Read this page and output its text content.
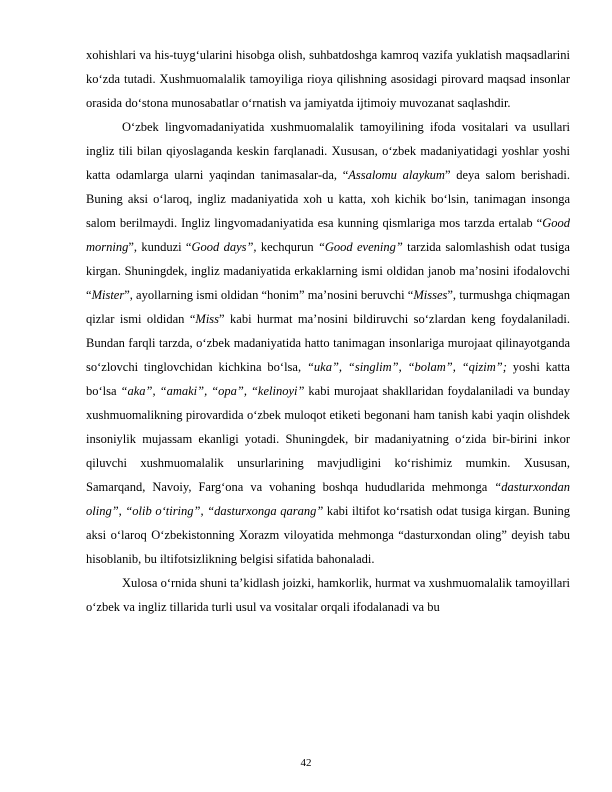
xohishlari va his-tuyg‘ularini hisobga olish, suhbatdoshga kamroq vazifa yuklatish maqsadlarini ko‘zda tutadi. Xushmuomalalik tamoyiliga rioya qilishning asosidagi pirovard maqsad insonlar orasida do‘stona munosabatlar o‘rnatish va jamiyatda ijtimoiy muvozanat saqlashdir.

O‘zbek lingvomadaniyatida xushmuomalalik tamoyilining ifoda vositalari va usullari ingliz tili bilan qiyoslaganda keskin farqlanadi. Xususan, o‘zbek madaniyatidagi yoshlar yoshi katta odamlarga ularni yaqindan tanimasalar-da, “Assalomu alaykum” deya salom berishadi. Buning aksi o‘laroq, ingliz madaniyatida xoh u katta, xoh kichik bo‘lsin, tanimagan insonga salom berilmaydi. Ingliz lingvomadaniyatida esa kunning qismlariga mos tarzda ertalab “Good morning”, kunduzi “Good days”, kechqurun “Good evening” tarzida salomlashish odat tusiga kirgan. Shuningdek, ingliz madaniyatida erkaklarning ismi oldidan janob ma’nosini ifodalovchi “Mister”, ayollarning ismi oldidan “honim” ma’nosini beruvchi “Misses”, turmushga chiqmagan qizlar ismi oldidan “Miss” kabi hurmat ma’nosini bildiruvchi so‘zlardan keng foydalaniladi. Bundan farqli tarzda, o‘zbek madaniyatida hatto tanimagan insonlariga murojaat qilinayotganda so‘zlovchi tinglovchidan kichkina bo‘lsa, “uka”, “singlim”, “bolam”, “qizim”; yoshi katta bo‘lsa “aka”, “amaki”, “opa”, “kelinoyi” kabi murojaat shakllaridan foydalaniladi va bunday xushmuomalikning pirovardida o‘zbek muloqot etiketi begonani ham tanish kabi yaqin olishdek insoniylik mujassam ekanligi yotadi. Shuningdek, bir madaniyatning o‘zida bir-birini inkor qiluvchi xushmuomalalik unsurlarining mavjudligini ko‘rishimiz mumkin. Xususan, Samarqand, Navoiy, Farg‘ona va vohaning boshqa hududlarida mehmonga “dasturxondan oling”, “olib o‘tiring”, “dasturxonga qarang” kabi iltifot ko‘rsatish odat tusiga kirgan. Buning aksi o‘laroq O‘zbekistonning Xorazm viloyatida mehmonga “dasturxondan oling” deyish tabu hisoblanib, bu iltifotsizlikning belgisi sifatida bahonaladi.

Xulosa o‘rnida shuni ta’kidlash joizki, hamkorlik, hurmat va xushmuomalalik tamoyillari o‘zbek va ingliz tillarida turli usul va vositalar orqali ifodalanadi va bu

42
